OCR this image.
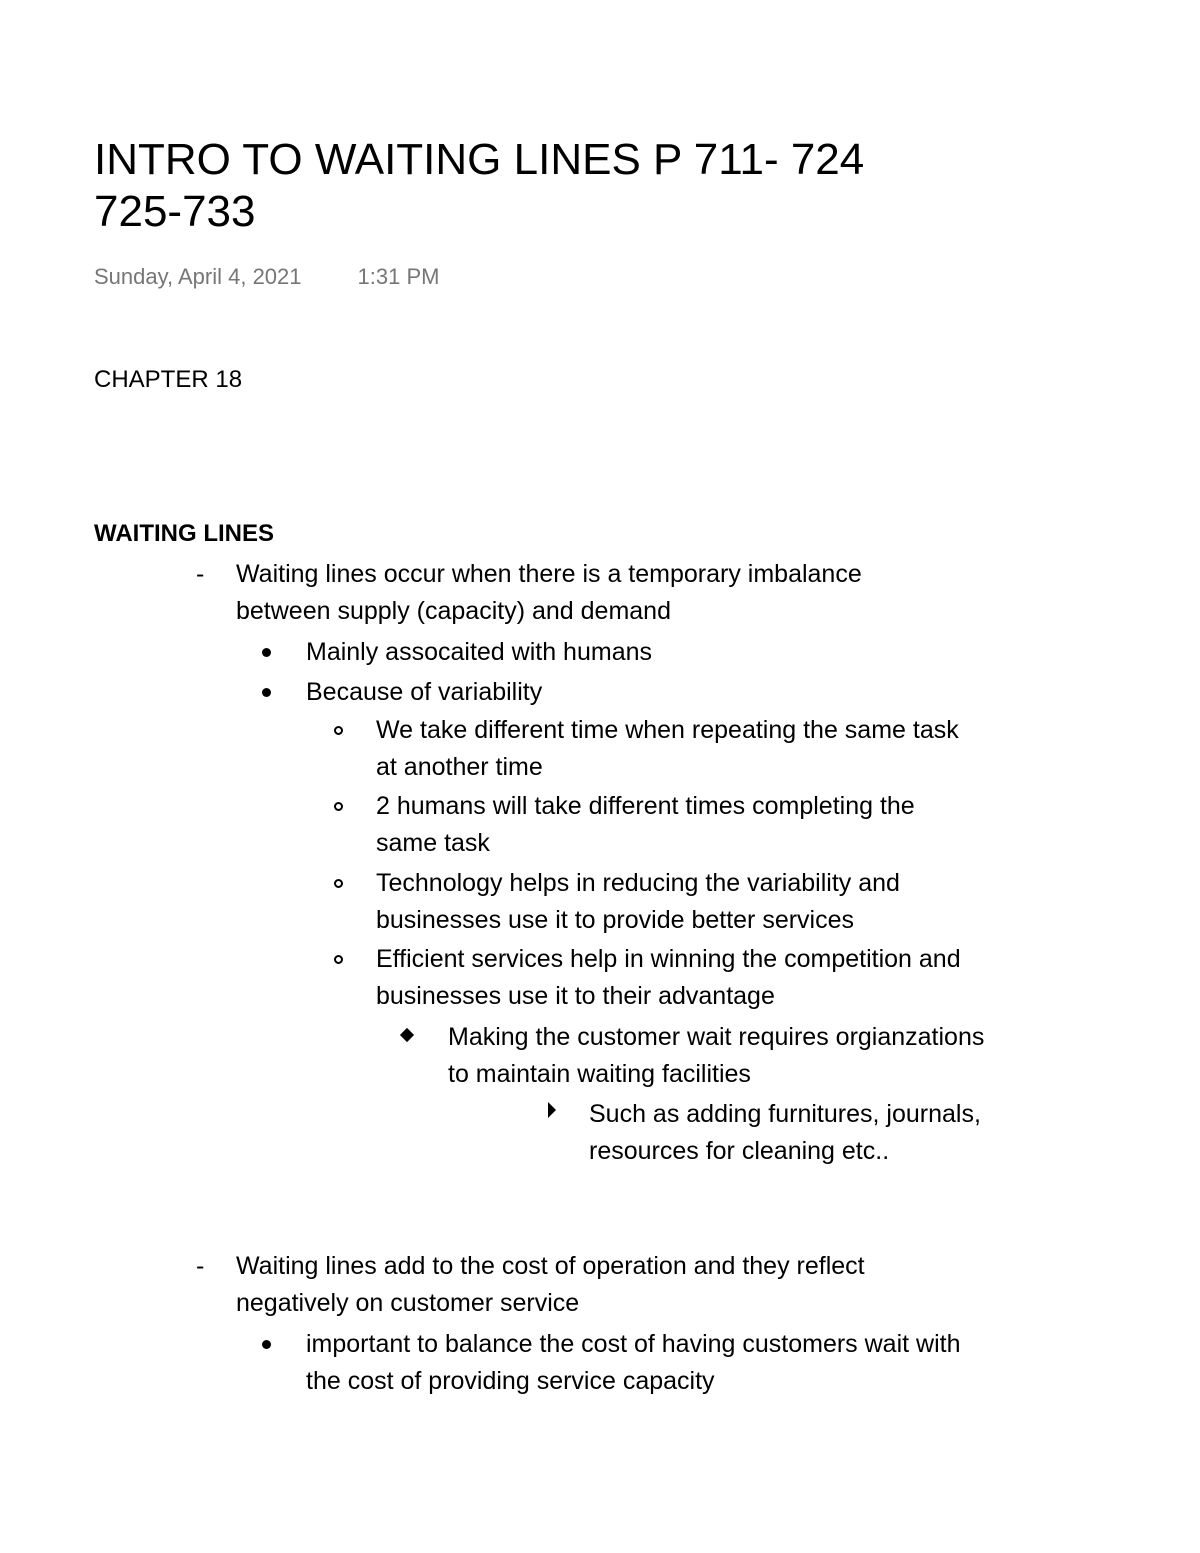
INTRO TO WAITING LINES P 711- 724
725-733
Sunday, April 4, 2021	1:31 PM
CHAPTER 18
WAITING LINES
- Waiting lines occur when there is a temporary imbalance
between supply (capacity) and demand
Mainly assocaited with humans
Because of variability
We take different time when repeating the same task
at another time
2 humans will take different times completing the
same task
Technology helps in reducing the variability and
businesses use it to provide better services
Efficient services help in winning the competition and
businesses use it to their advantage
Making the customer wait requires orgianzations
to maintain waiting facilities
Such as adding furnitures, journals,
resources for cleaning etc..
- Waiting lines add to the cost of operation and they reflect
negatively on customer service
important to balance the cost of having customers wait with
the cost of providing service capacity
